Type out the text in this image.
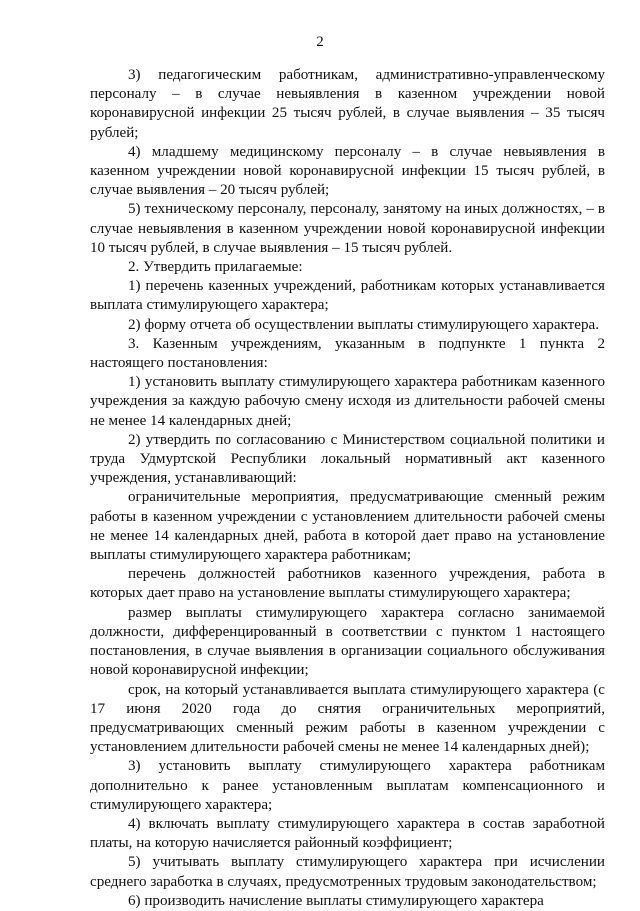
2

3) педагогическим работникам, административно-управленческому персоналу – в случае невыявления в казенном учреждении новой коронавирусной инфекции 25 тысяч рублей, в случае выявления – 35 тысяч рублей;

4) младшему медицинскому персоналу – в случае невыявления в казенном учреждении новой коронавирусной инфекции 15 тысяч рублей, в случае выявления – 20 тысяч рублей;

5) техническому персоналу, персоналу, занятому на иных должностях, – в случае невыявления в казенном учреждении новой коронавирусной инфекции 10 тысяч рублей, в случае выявления – 15 тысяч рублей.

2. Утвердить прилагаемые:

1) перечень казенных учреждений, работникам которых устанавливается выплата стимулирующего характера;

2) форму отчета об осуществлении выплаты стимулирующего характера.

3. Казенным учреждениям, указанным в подпункте 1 пункта 2 настоящего постановления:

1) установить выплату стимулирующего характера работникам казенного учреждения за каждую рабочую смену исходя из длительности рабочей смены не менее 14 календарных дней;

2) утвердить по согласованию с Министерством социальной политики и труда Удмуртской Республики локальный нормативный акт казенного учреждения, устанавливающий:

ограничительные мероприятия, предусматривающие сменный режим работы в казенном учреждении с установлением длительности рабочей смены не менее 14 календарных дней, работа в которой дает право на установление выплаты стимулирующего характера работникам;

перечень должностей работников казенного учреждения, работа в которых дает право на установление выплаты стимулирующего характера;

размер выплаты стимулирующего характера согласно занимаемой должности, дифференцированный в соответствии с пунктом 1 настоящего постановления, в случае выявления в организации социального обслуживания новой коронавирусной инфекции;

срок, на который устанавливается выплата стимулирующего характера (с 17 июня 2020 года до снятия ограничительных мероприятий, предусматривающих сменный режим работы в казенном учреждении с установлением длительности рабочей смены не менее 14 календарных дней);

3) установить выплату стимулирующего характера работникам дополнительно к ранее установленным выплатам компенсационного и стимулирующего характера;

4) включать выплату стимулирующего характера в состав заработной платы, на которую начисляется районный коэффициент;

5) учитывать выплату стимулирующего характера при исчислении среднего заработка в случаях, предусмотренных трудовым законодательством;

6) производить начисление выплаты стимулирующего характера
